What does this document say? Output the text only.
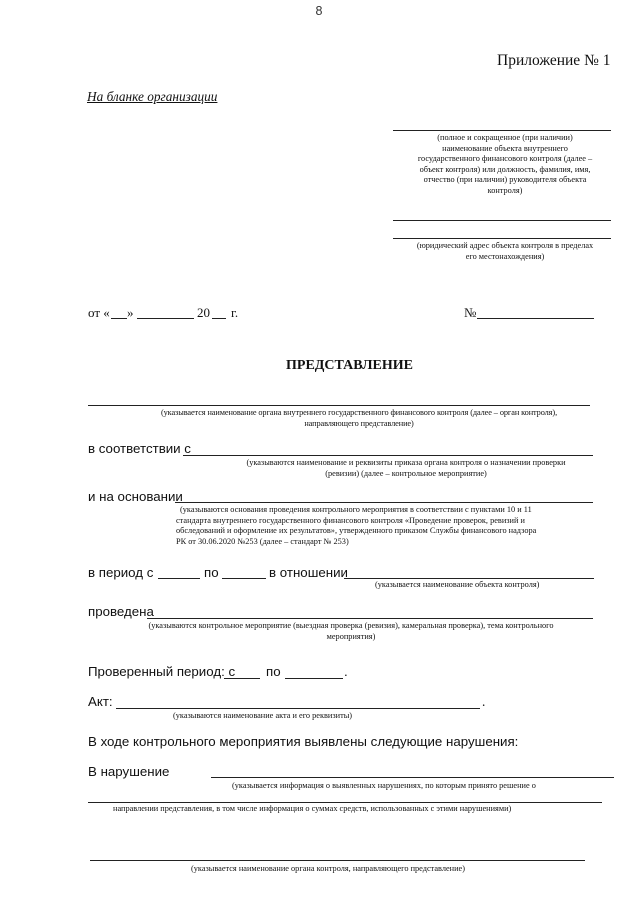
8
Приложение № 1
На бланке организации
(полное и сокращенное (при наличии)
наименование объекта внутреннего
государственного финансового контроля (далее –
объект контроля) или должность, фамилия, имя,
отчество (при наличии) руководителя объекта
контроля)
(юридический адрес объекта контроля в пределах
его местонахождения)
от « »	20 г.	№
ПРЕДСТАВЛЕНИЕ
(указывается наименование органа внутреннего государственного финансового контроля (далее – орган контроля),
направляющего представление)
в соответствии с
(указываются наименование и реквизиты приказа органа контроля о назначении проверки
(ревизии) (далее – контрольное мероприятие)
и на основании
(указываются основания проведения контрольного мероприятия в соответствии с пунктами 10 и 11
стандарта внутреннего государственного финансового контроля «Проведение проверок, ревизий и
обследований и оформление их результатов», утвержденного приказом Службы финансового надзора
РК от 30.06.2020 №253 (далее – стандарт № 253)
в период с	по	в отношении
(указывается наименование объекта контроля)
проведена
(указываются контрольное мероприятие (выездная проверка (ревизия), камеральная проверка), тема контрольного
мероприятия)
Проверенный период: с по	.
Акт:	.
(указываются наименование акта и его реквизиты)
В ходе контрольного мероприятия выявлены следующие нарушения:
В нарушение
(указывается информация о выявленных нарушениях, по которым принято решение о
направлении представления, в том числе информация о суммах средств, использованных с этими нарушениями)
(указывается наименование органа контроля, направляющего представление)
